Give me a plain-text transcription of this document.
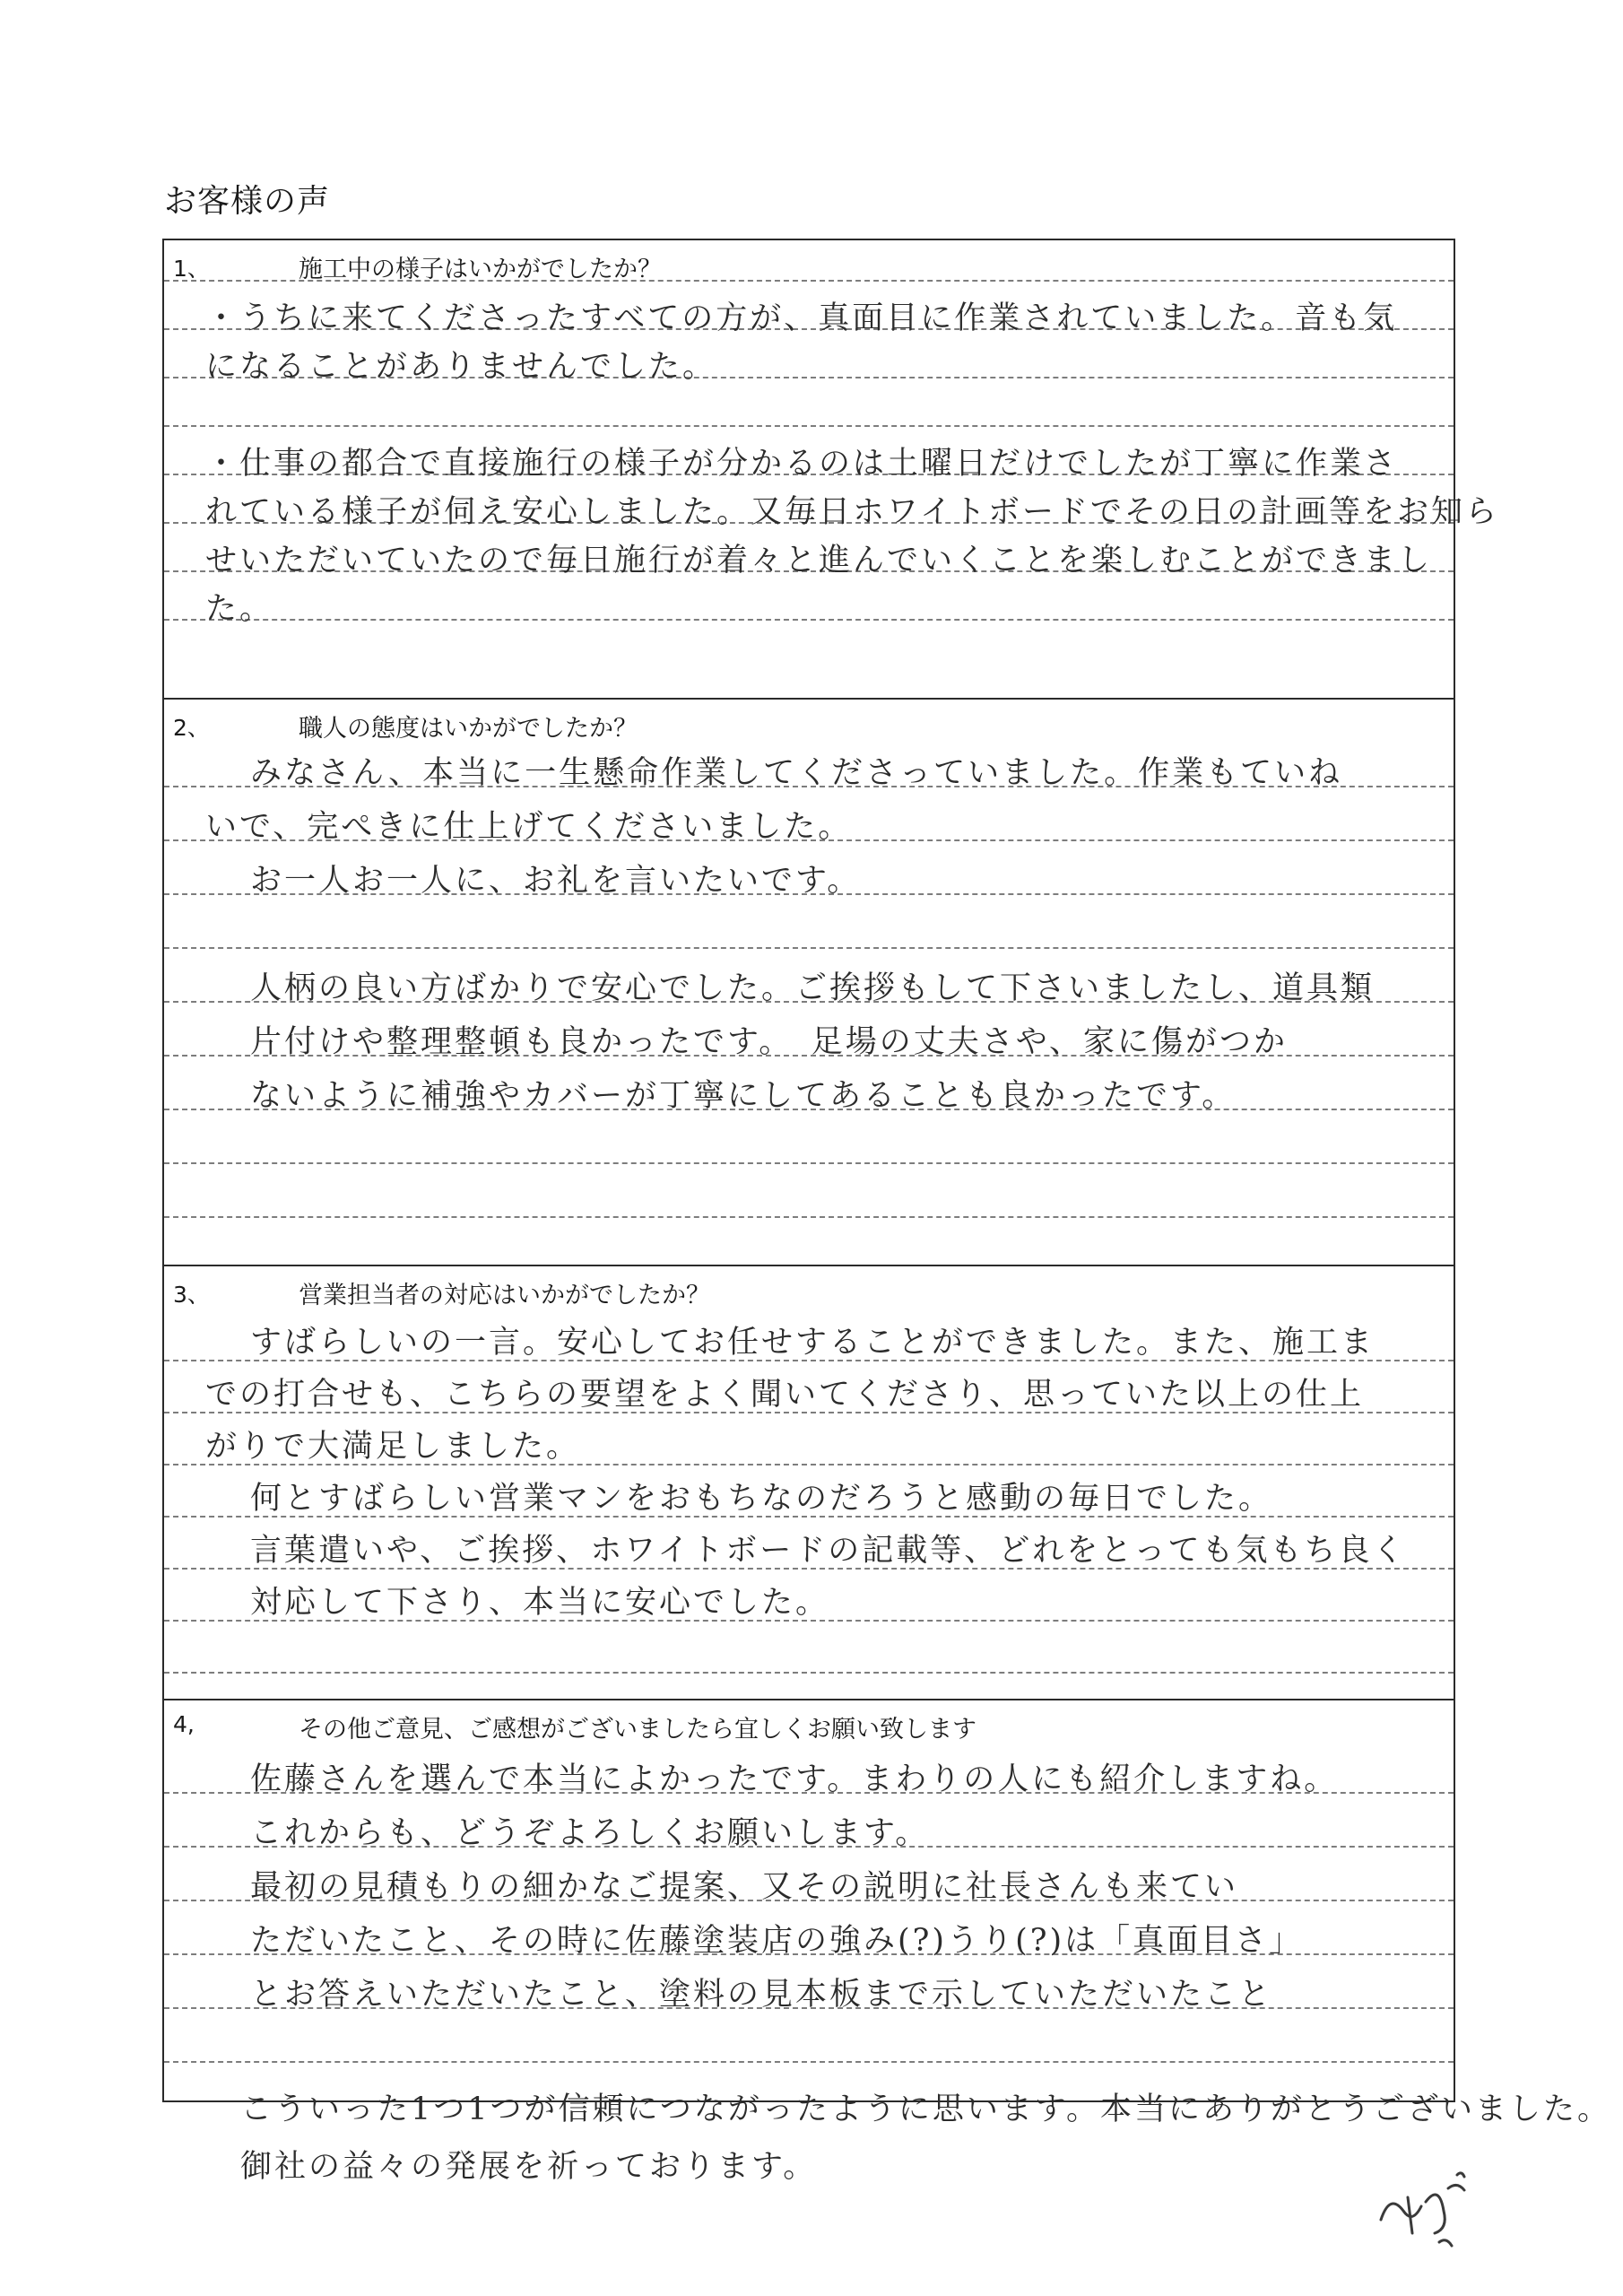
お客様の声
1、	施工中の様子はいかがでしたか？
・うちに来てくださったすべての方が、真面目に作業されていました。音も気
になることがありませんでした。
・仕事の都合で直接施行の様子が分かるのは土曜日だけでしたが丁寧に作業さ
れている様子が伺え安心しました。又毎日ホワイトボードでその日の計画等をお知ら
せいただいていたので毎日施行が着々と進んでいくことを楽しむことができまし
た。
2、	職人の態度はいかがでしたか？
みなさん、本当に一生懸命作業してくださっていました。作業もていね
いで、完ぺきに仕上げてくださいました。
お一人お一人に、お礼を言いたいです。
人柄の良い方ばかりで安心でした。ご挨拶もして下さいましたし、道具類
片付けや整理整頓も良かったです。　足場の丈夫さや、家に傷がつか
ないように補強やカバーが丁寧にしてあることも良かったです。
3、	営業担当者の対応はいかがでしたか？
すばらしいの一言。安心してお任せすることができました。また、施工ま
での打合せも、こちらの要望をよく聞いてくださり、思っていた以上の仕上
がりで大満足しました。
何とすばらしい営業マンをおもちなのだろうと感動の毎日でした。
言葉遣いや、ご挨拶、ホワイトボードの記載等、どれをとっても気もち良く
対応して下さり、本当に安心でした。
4,	その他ご意見、ご感想がございましたら宜しくお願い致します
佐藤さんを選んで本当によかったです。まわりの人にも紹介しますね。
これからも、どうぞよろしくお願いします。
最初の見積もりの細かなご提案、又その説明に社長さんも来てい
ただいたこと、その時に佐藤塗装店の強み(?)うり(?)は「真面目さ」
とお答えいただいたこと、塗料の見本板まで示していただいたこと
こういった1つ1つが信頼につながったように思います。本当にありがとうございました。
御社の益々の発展を祈っております。
